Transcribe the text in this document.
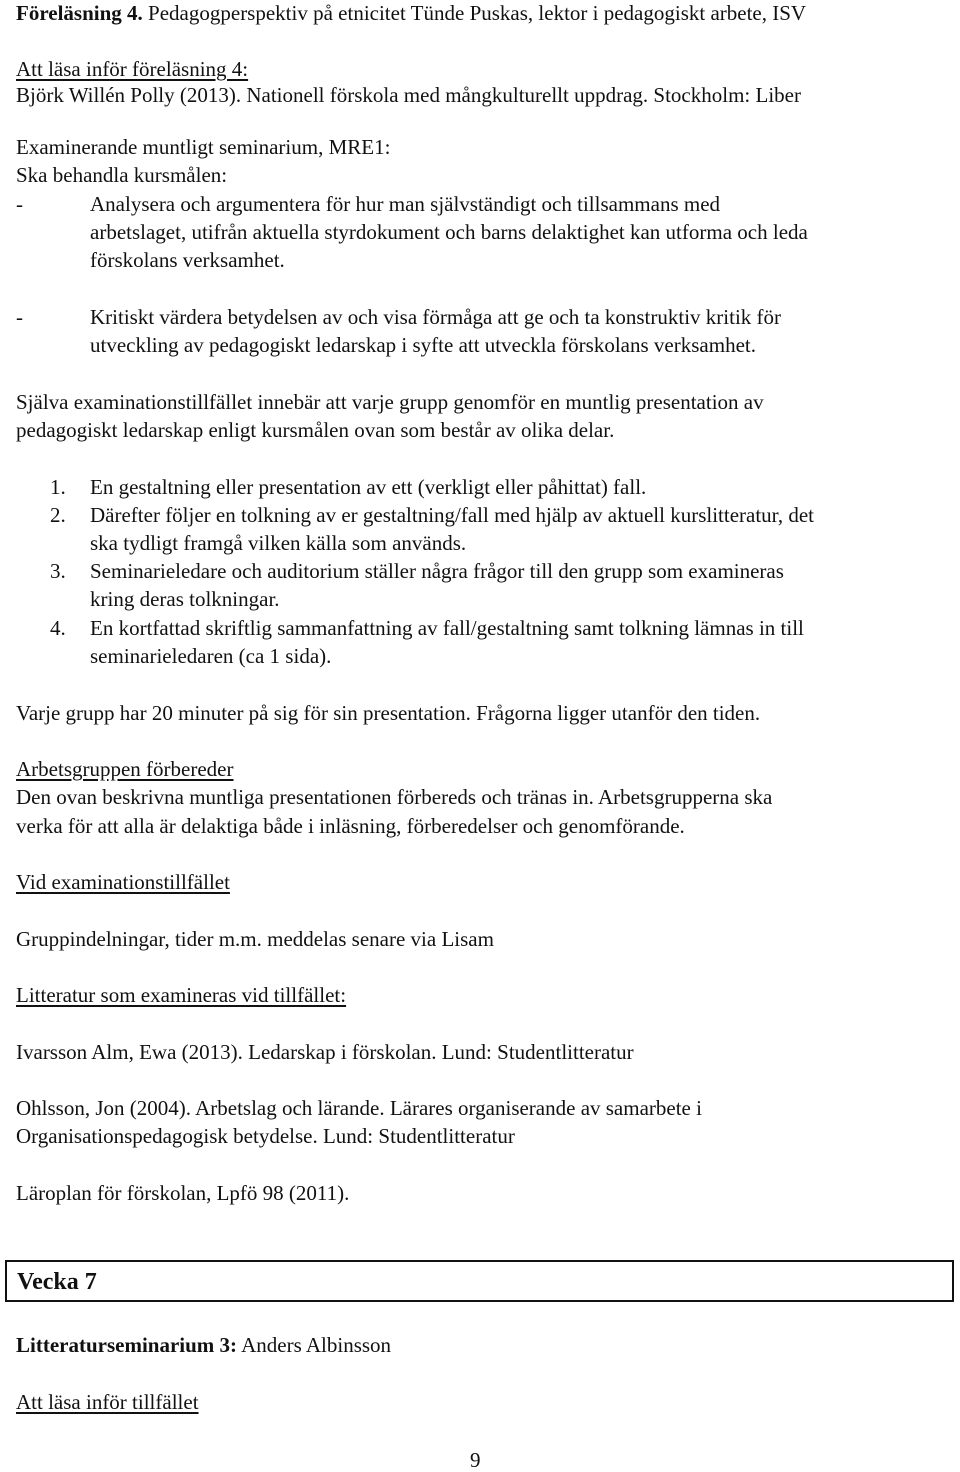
Föreläsning 4. Pedagogperspektiv på etnicitet Tünde Puskas, lektor i pedagogiskt arbete, ISV
Att läsa inför föreläsning 4:
Björk Willén Polly (2013). Nationell förskola med mångkulturellt uppdrag. Stockholm: Liber
Examinerande muntligt seminarium, MRE1:
Ska behandla kursmålen:
-	Analysera och argumentera för hur man självständigt och tillsammans med
arbetslaget, utifrån aktuella styrdokument och barns delaktighet kan utforma och leda
förskolans verksamhet.
-	Kritiskt värdera betydelsen av och visa förmåga att ge och ta konstruktiv kritik för
utveckling av pedagogiskt ledarskap i syfte att utveckla förskolans verksamhet.
Själva examinationstillfället innebär att varje grupp genomför en muntlig presentation av
pedagogiskt ledarskap enligt kursmålen ovan som består av olika delar.
1. En gestaltning eller presentation av ett (verkligt eller påhittat) fall.
2. Därefter följer en tolkning av er gestaltning/fall med hjälp av aktuell kurslitteratur, det
ska tydligt framgå vilken källa som används.
3. Seminarieledare och auditorium ställer några frågor till den grupp som examineras
kring deras tolkningar.
4. En kortfattad skriftlig sammanfattning av fall/gestaltning samt tolkning lämnas in till
seminarieledaren (ca 1 sida).
Varje grupp har 20 minuter på sig för sin presentation. Frågorna ligger utanför den tiden.
Arbetsgruppen förbereder
Den ovan beskrivna muntliga presentationen förbereds och tränas in. Arbetsgrupperna ska
verka för att alla är delaktiga både i inläsning, förberedelser och genomförande.
Vid examinationstillfället
Gruppindelningar, tider m.m. meddelas senare via Lisam
Litteratur som examineras vid tillfället:
Ivarsson Alm, Ewa (2013). Ledarskap i förskolan. Lund: Studentlitteratur
Ohlsson, Jon (2004). Arbetslag och lärande. Lärares organiserande av samarbete i
Organisationspedagogisk betydelse. Lund: Studentlitteratur
Läroplan för förskolan, Lpfö 98 (2011).
Litteraturseminarium 3: Anders Albinsson
Att läsa inför tillfället
Vecka 7
9
